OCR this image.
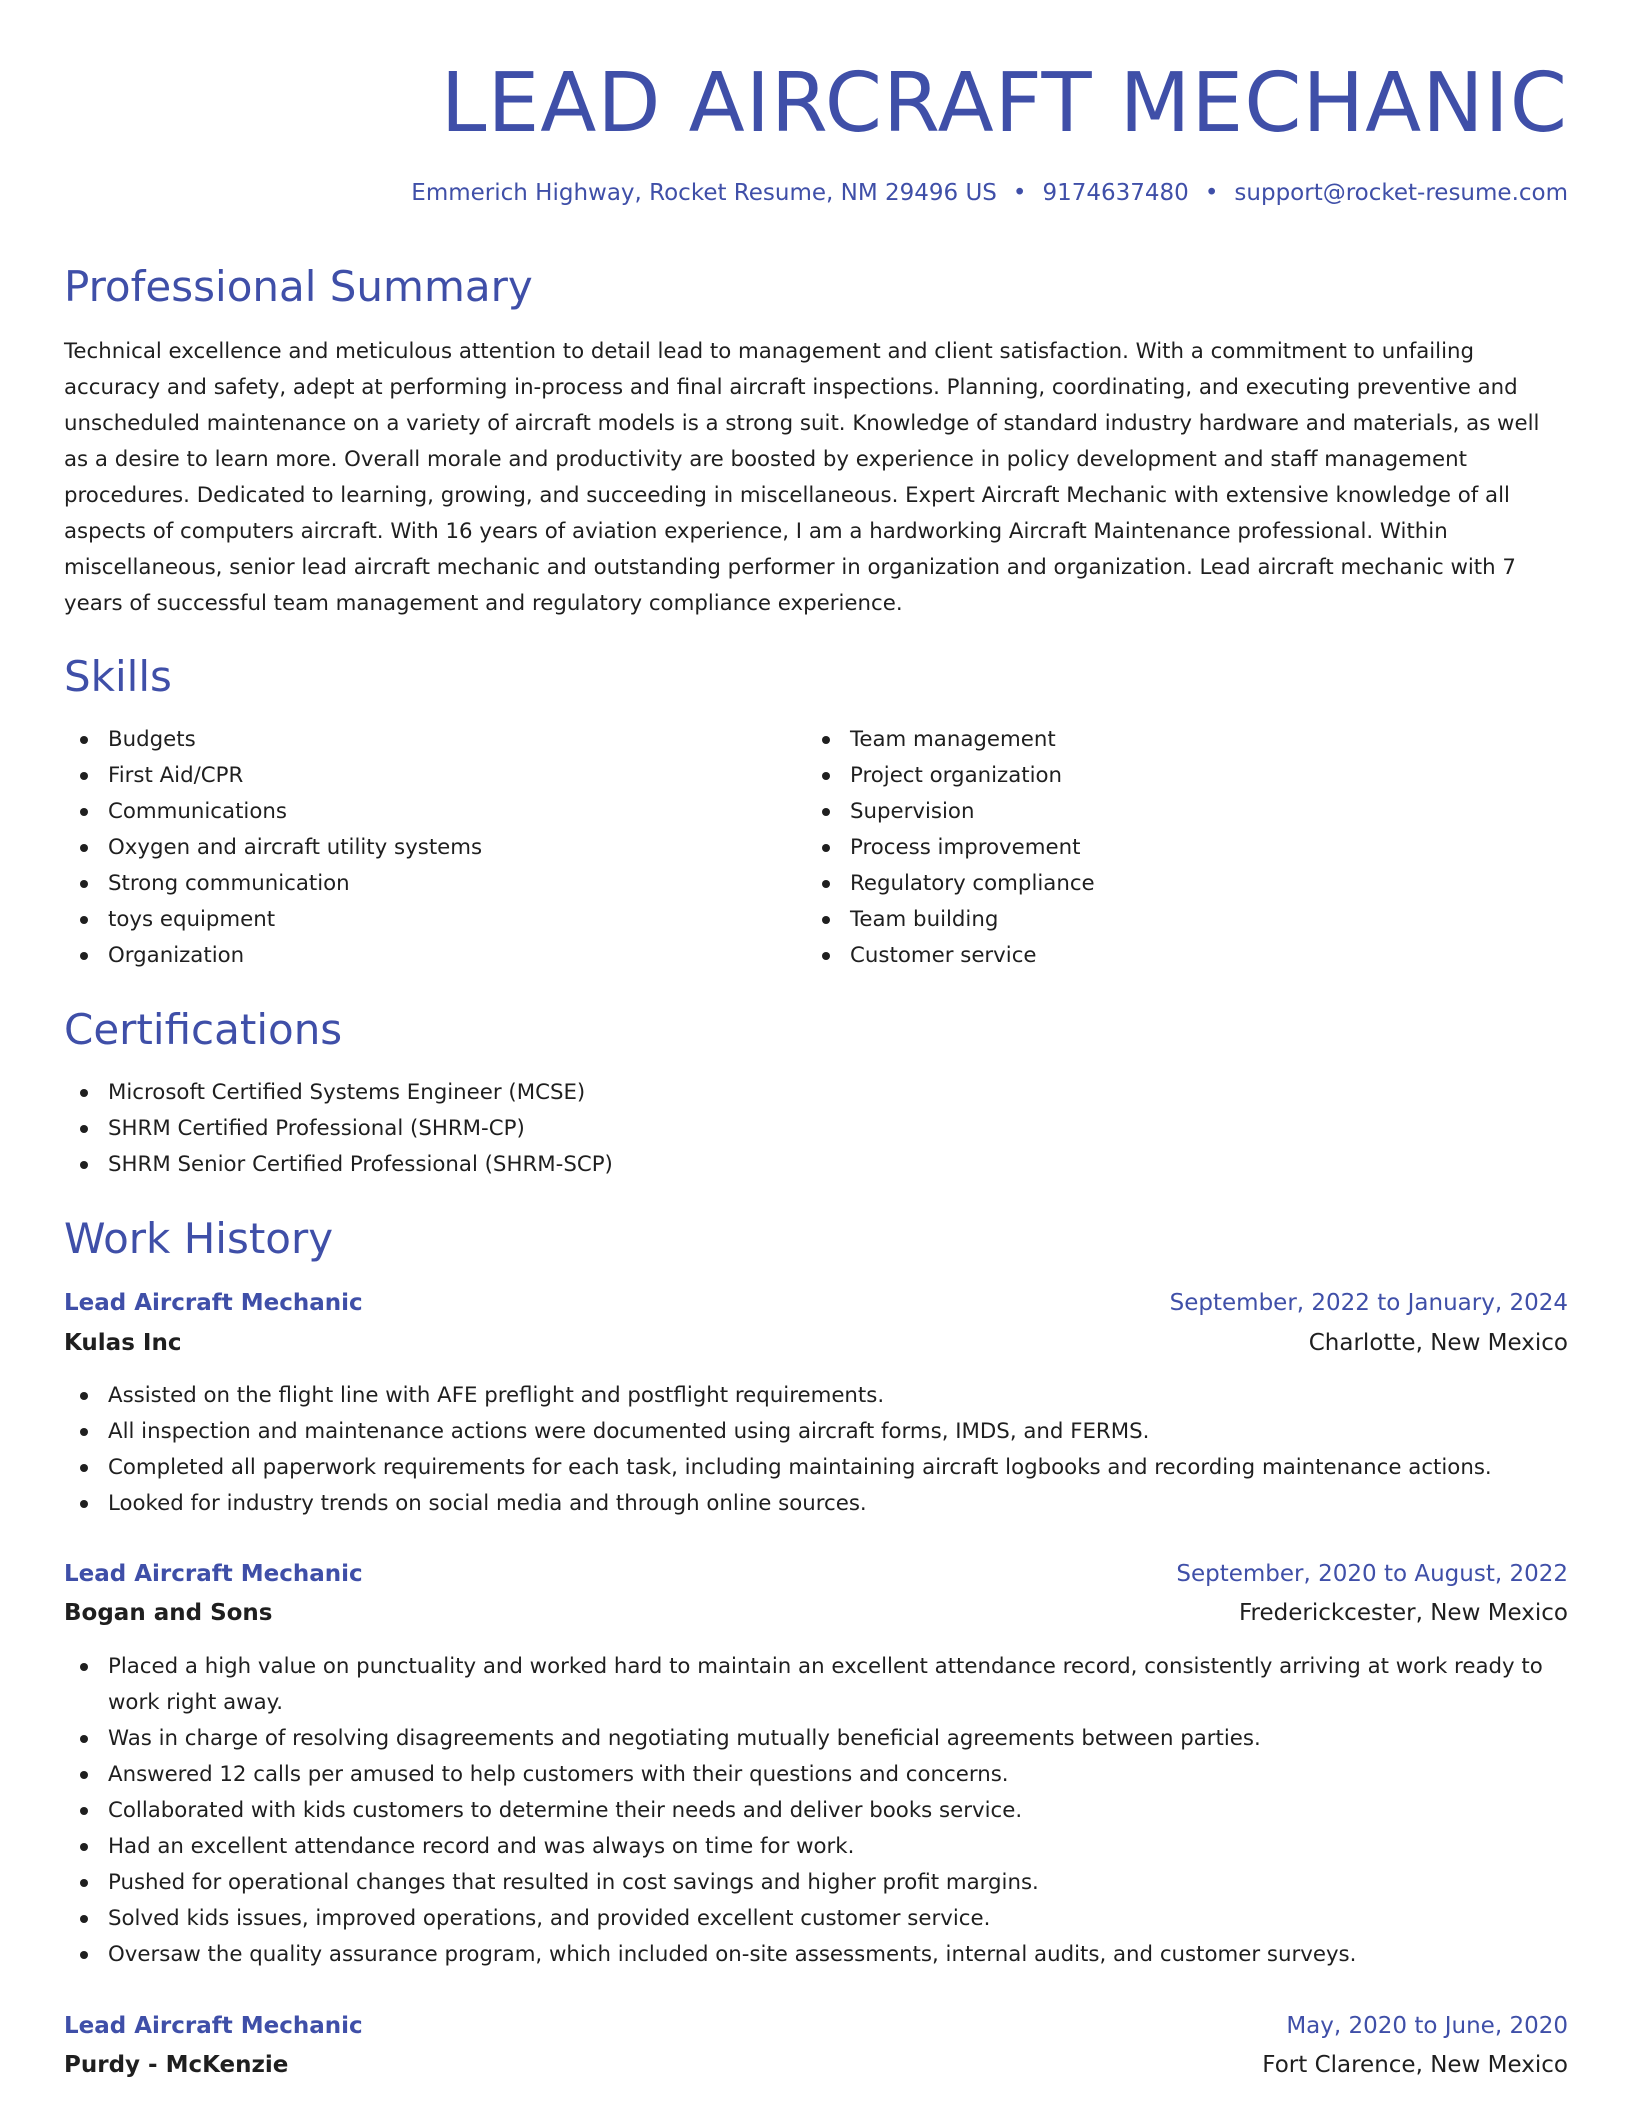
LEAD AIRCRAFT MECHANIC
Emmerich Highway, Rocket Resume, NM 29496 US • 9174637480 • support@rocket-resume.com
Professional Summary

Technical excellence and meticulous attention to detail lead to management and client satisfaction. With a commitment to unfailing accuracy and safety, adept at performing in-process and final aircraft inspections. Planning, coordinating, and executing preventive and unscheduled maintenance on a variety of aircraft models is a strong suit. Knowledge of standard industry hardware and materials, as well as a desire to learn more. Overall morale and productivity are boosted by experience in policy development and staff management procedures. Dedicated to learning, growing, and succeeding in miscellaneous. Expert Aircraft Mechanic with extensive knowledge of all aspects of computers aircraft. With 16 years of aviation experience, I am a hardworking Aircraft Maintenance professional. Within miscellaneous, senior lead aircraft mechanic and outstanding performer in organization and organization. Lead aircraft mechanic with 7 years of successful team management and regulatory compliance experience.

Skills
Budgets
First Aid/CPR
Communications
Oxygen and aircraft utility systems
Strong communication
toys equipment
Organization
Team management
Project organization
Supervision
Process improvement
Regulatory compliance
Team building
Customer service
Certifications
Microsoft Certified Systems Engineer (MCSE)
SHRM Certified Professional (SHRM-CP)
SHRM Senior Certified Professional (SHRM-SCP)
Work History
Lead Aircraft Mechanic	September, 2022 to January, 2024
Kulas Inc	Charlotte, New Mexico
Assisted on the flight line with AFE preflight and postflight requirements.
All inspection and maintenance actions were documented using aircraft forms, IMDS, and FERMS.
Completed all paperwork requirements for each task, including maintaining aircraft logbooks and recording maintenance actions.
Looked for industry trends on social media and through online sources.
Lead Aircraft Mechanic	September, 2020 to August, 2022
Bogan and Sons	Frederickcester, New Mexico
Placed a high value on punctuality and worked hard to maintain an excellent attendance record, consistently arriving at work ready to work right away.
Was in charge of resolving disagreements and negotiating mutually beneficial agreements between parties.
Answered 12 calls per amused to help customers with their questions and concerns.
Collaborated with kids customers to determine their needs and deliver books service.
Had an excellent attendance record and was always on time for work.
Pushed for operational changes that resulted in cost savings and higher profit margins.
Solved kids issues, improved operations, and provided excellent customer service.
Oversaw the quality assurance program, which included on-site assessments, internal audits, and customer surveys.
Lead Aircraft Mechanic	May, 2020 to June, 2020
Purdy - McKenzie	Fort Clarence, New Mexico
